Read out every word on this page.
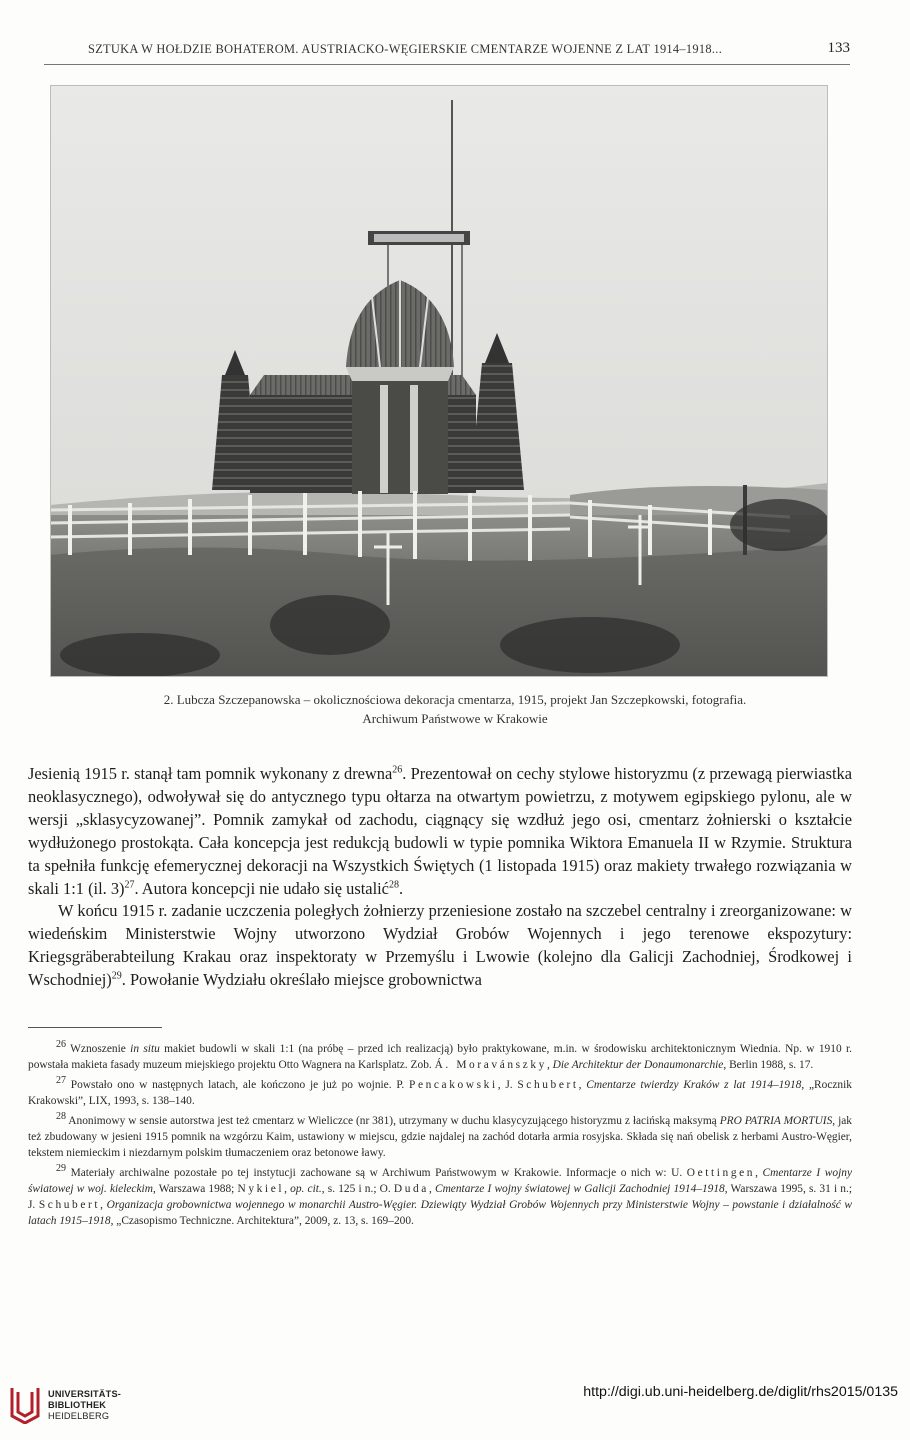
SZTUKA W HOŁDZIE BOHATEROM. AUSTRIACKO-WĘGIERSKIE CMENTARZE WOJENNE Z LAT 1914–1918...	133
2. Lubcza Szczepanowska – okolicznościowa dekoracja cmentarza, 1915, projekt Jan Szczepkowski, fotografia.
Archiwum Państwowe w Krakowie

Jesienią 1915 r. stanął tam pomnik wykonany z drewna$^{26}$. Prezentował on cechy stylowe historyzmu (z przewagą pierwiastka neoklasycznego), odwoływał się do antycznego typu ołtarza na otwartym powietrzu, z motywem egipskiego pylonu, ale w wersji „sklasycyzowanej”. Pomnik zamykał od zachodu, ciągnący się wzdłuż jego osi, cmentarz żołnierski o kształcie wydłużonego prostokąta. Cała koncepcja jest redukcją budowli w typie pomnika Wiktora Emanuela II w Rzymie. Struktura ta spełniła funkcję efemerycznej dekoracji na Wszystkich Świętych (1 listopada 1915) oraz makiety trwałego rozwiązania w skali 1:1 (il. 3)$^{27}$. Autora koncepcji nie udało się ustalić$^{28}$.

W końcu 1915 r. zadanie uczczenia poległych żołnierzy przeniesione zostało na szczebel centralny i zreorganizowane: w wiedeńskim Ministerstwie Wojny utworzono Wydział Grobów Wojennych i jego terenowe ekspozytury: Kriegsgräberabteilung Krakau oraz inspektoraty w Przemyślu i Lwowie (kolejno dla Galicji Zachodniej, Środkowej i Wschodniej)$^{29}$. Powołanie Wydziału określało miejsce grobownictwa

$^{26}$ Wznoszenie in situ makiet budowli w skali 1:1 (na próbę – przed ich realizacją) było praktykowane, m.in. w środowisku architektonicznym Wiednia. Np. w 1910 r. powstała makieta fasady muzeum miejskiego projektu Otto Wagnera na Karlsplatz. Zob. Á. Moravánszky, Die Architektur der Donaumonarchie, Berlin 1988, s. 17.

$^{27}$ Powstało ono w następnych latach, ale kończono je już po wojnie. P. Pencakowski, J. Schubert, Cmentarze twierdzy Kraków z lat 1914–1918, „Rocznik Krakowski”, LIX, 1993, s. 138–140.

$^{28}$ Anonimowy w sensie autorstwa jest też cmentarz w Wieliczce (nr 381), utrzymany w duchu klasycyzującego historyzmu z łacińską maksymą PRO PATRIA MORTUIS, jak też zbudowany w jesieni 1915 pomnik na wzgórzu Kaim, ustawiony w miejscu, gdzie najdalej na zachód dotarła armia rosyjska. Składa się nań obelisk z herbami Austro-Węgier, tekstem niemieckim i niezdarnym polskim tłumaczeniem oraz betonowe ławy.

$^{29}$ Materiały archiwalne pozostałe po tej instytucji zachowane są w Archiwum Państwowym w Krakowie. Informacje o nich w: U. Oettingen, Cmentarze I wojny światowej w woj. kieleckim, Warszawa 1988; Nykiel, op. cit., s. 125 i n.; O. Duda, Cmentarze I wojny światowej w Galicji Zachodniej 1914–1918, Warszawa 1995, s. 31 i n.; J. Schubert, Organizacja grobownictwa wojennego w monarchii Austro-Węgier. Dziewiąty Wydział Grobów Wojennych przy Ministerstwie Wojny – powstanie i działalność w latach 1915–1918, „Czasopismo Techniczne. Architektura”, 2009, z. 13, s. 169–200.

UNIVERSITÄTS-
BIBLIOTHEK
HEIDELBERG
http://digi.ub.uni-heidelberg.de/diglit/rhs2015/0135
